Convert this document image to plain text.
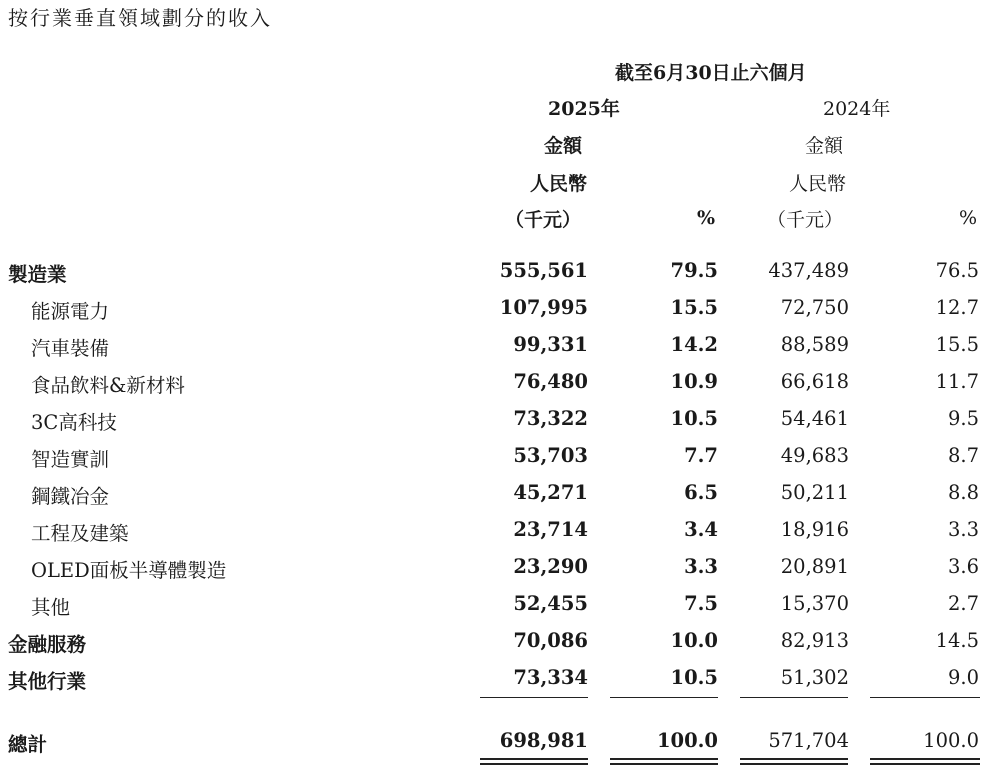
按行業垂直領域劃分的收入
截至6月30日止六個月
2025年	2024年
金額	金額
人民幣	人民幣
（千元）	%	（千元）	%
製造業	555,561	79.5	437,489	76.5
能源電力	107,995	15.5	72,750	12.7
汽車裝備	99,331	14.2	88,589	15.5
食品飲料&新材料	76,480	10.9	66,618	11.7
3C高科技	73,322	10.5	54,461	9.5
智造實訓	53,703	7.7	49,683	8.7
鋼鐵冶金	45,271	6.5	50,211	8.8
工程及建築	23,714	3.4	18,916	3.3
OLED面板半導體製造	23,290	3.3	20,891	3.6
其他	52,455	7.5	15,370	2.7
金融服務	70,086	10.0	82,913	14.5
其他行業	73,334	10.5	51,302	9.0
總計	698,981	100.0	571,704	100.0
